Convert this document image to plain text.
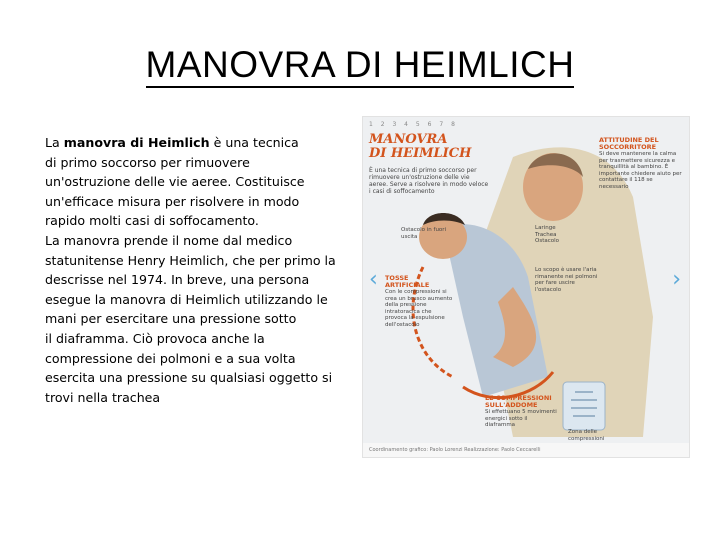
MANOVRA DI HEIMLICH
La manovra di Heimlich è una tecnica
di primo soccorso per rimuovere
un'ostruzione delle vie aeree. Costituisce
un'efficace misura per risolvere in modo
rapido molti casi di soffocamento.
La manovra prende il nome dal medico
statunitense Henry Heimlich, che per primo la
descrisse nel 1974. In breve, una persona
esegue la manovra di Heimlich utilizzando le
mani per esercitare una pressione sotto
il diaframma. Ciò provoca anche la
compressione dei polmoni e a sua volta
esercita una pressione su qualsiasi oggetto si
trovi nella trachea
1 2 3 4 5 6 7 8
MANOVRA
DI HEIMLICH
È una tecnica di primo soccorso per rimuovere un'ostruzione delle vie aeree. Serve a risolvere in modo veloce i casi di soffocamento
ATTITUDINE DEL SOCCORRITORE
Si deve mantenere la calma per trasmettere sicurezza e tranquillità al bambino. È importante chiedere aiuto per contattare il 118 se necessario
Ostacolo in fuori uscita
Laringe
Trachea
Ostacolo
TOSSE ARTIFICIALE
Con le compressioni si crea un brusco aumento della pressione intratoracica che provoca la espulsione dell'ostacolo
Lo scopo è usare l'aria rimanente nei polmoni per fare uscire l'ostacolo
LE COMPRESSIONI SULL'ADDOME
Si effettuano 5 movimenti energici sotto il diaframma
Zona delle compressioni
‹	›
Coordinamento grafico: Paolo Lorenzi Realizzazione: Paolo Ceccarelli
